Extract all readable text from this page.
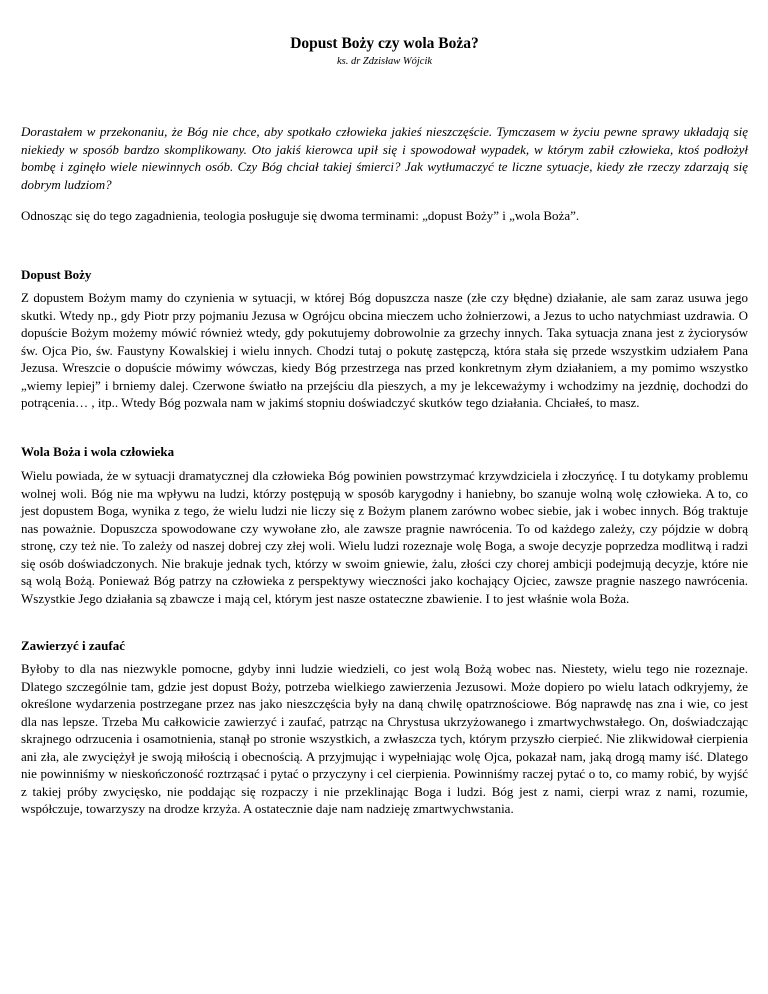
Dopust Boży czy wola Boża?

ks. dr Zdzisław Wójcik

Dorastałem w przekonaniu, że Bóg nie chce, aby spotkało człowieka jakieś nieszczęście. Tymczasem w życiu pewne sprawy układają się niekiedy w sposób bardzo skomplikowany. Oto jakiś kierowca upił się i spowodował wypadek, w którym zabił człowieka, ktoś podłożył bombę i zginęło wiele niewinnych osób. Czy Bóg chciał takiej śmierci? Jak wytłumaczyć te liczne sytuacje, kiedy złe rzeczy zdarzają się dobrym ludziom?

Odnosząc się do tego zagadnienia, teologia posługuje się dwoma terminami: „dopust Boży” i „wola Boża”.

Dopust Boży

Z dopustem Bożym mamy do czynienia w sytuacji, w której Bóg dopuszcza nasze (złe czy błędne) działanie, ale sam zaraz usuwa jego skutki. Wtedy np., gdy Piotr przy pojmaniu Jezusa w Ogrójcu obcina mieczem ucho żołnierzowi, a Jezus to ucho natychmiast uzdrawia. O dopuście Bożym możemy mówić również wtedy, gdy pokutujemy dobrowolnie za grzechy innych. Taka sytuacja znana jest z życiorysów św. Ojca Pio, św. Faustyny Kowalskiej i wielu innych. Chodzi tutaj o pokutę zastępczą, która stała się przede wszystkim udziałem Pana Jezusa. Wreszcie o dopuście mówimy wówczas, kiedy Bóg przestrzega nas przed konkretnym złym działaniem, a my pomimo wszystko „wiemy lepiej” i brniemy dalej. Czerwone światło na przejściu dla pieszych, a my je lekceważymy i wchodzimy na jezdnię, dochodzi do potrącenia… , itp.. Wtedy Bóg pozwala nam w jakimś stopniu doświadczyć skutków tego działania. Chciałeś, to masz.

Wola Boża i wola człowieka

Wielu powiada, że w sytuacji dramatycznej dla człowieka Bóg powinien powstrzymać krzywdziciela i złoczyńcę. I tu dotykamy problemu wolnej woli. Bóg nie ma wpływu na ludzi, którzy postępują w sposób karygodny i haniebny, bo szanuje wolną wolę człowieka. A to, co jest dopustem Boga, wynika z tego, że wielu ludzi nie liczy się z Bożym planem zarówno wobec siebie, jak i wobec innych. Bóg traktuje nas poważnie. Dopuszcza spowodowane czy wywołane zło, ale zawsze pragnie nawrócenia. To od każdego zależy, czy pójdzie w dobrą stronę, czy też nie. To zależy od naszej dobrej czy złej woli. Wielu ludzi rozeznaje wolę Boga, a swoje decyzje poprzedza modlitwą i radzi się osób doświadczonych. Nie brakuje jednak tych, którzy w swoim gniewie, żalu, złości czy chorej ambicji podejmują decyzje, które nie są wolą Bożą. Ponieważ Bóg patrzy na człowieka z perspektywy wieczności jako kochający Ojciec, zawsze pragnie naszego nawrócenia. Wszystkie Jego działania są zbawcze i mają cel, którym jest nasze ostateczne zbawienie. I to jest właśnie wola Boża.

Zawierzyć i zaufać

Byłoby to dla nas niezwykle pomocne, gdyby inni ludzie wiedzieli, co jest wolą Bożą wobec nas. Niestety, wielu tego nie rozeznaje. Dlatego szczególnie tam, gdzie jest dopust Boży, potrzeba wielkiego zawierzenia Jezusowi. Może dopiero po wielu latach odkryjemy, że określone wydarzenia postrzegane przez nas jako nieszczęścia były na daną chwilę opatrznościowe. Bóg naprawdę nas zna i wie, co jest dla nas lepsze. Trzeba Mu całkowicie zawierzyć i zaufać, patrząc na Chrystusa ukrzyżowanego i zmartwychwstałego. On, doświadczając skrajnego odrzucenia i osamotnienia, stanął po stronie wszystkich, a zwłaszcza tych, którym przyszło cierpieć. Nie zlikwidował cierpienia ani zła, ale zwyciężył je swoją miłością i obecnością. A przyjmując i wypełniając wolę Ojca, pokazał nam, jaką drogą mamy iść. Dlatego nie powinniśmy w nieskończoność roztrząsać i pytać o przyczyny i cel cierpienia. Powinniśmy raczej pytać o to, co mamy robić, by wyjść z takiej próby zwycięsko, nie poddając się rozpaczy i nie przeklinając Boga i ludzi. Bóg jest z nami, cierpi wraz z nami, rozumie, współczuje, towarzyszy na drodze krzyża. A ostatecznie daje nam nadzieję zmartwychwstania.
